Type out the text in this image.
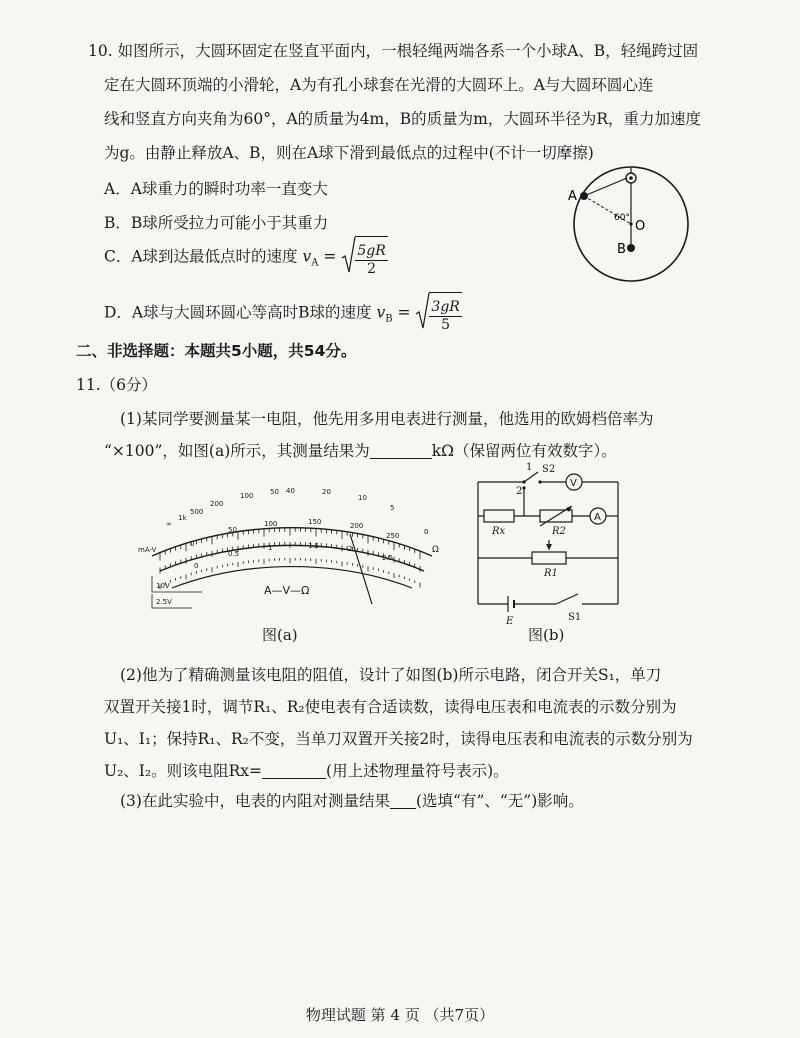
10. 如图所示，大圆环固定在竖直平面内，一根轻绳两端各系一个小球A、B，轻绳跨过固
定在大圆环顶端的小滑轮，A为有孔小球套在光滑的大圆环上。A与大圆环圆心连
线和竖直方向夹角为60°，A的质量为4m，B的质量为m，大圆环半径为R，重力加速度
为g。由静止释放A、B，则在A球下滑到最低点的过程中(不计一切摩擦)
A．A球重力的瞬时功率一直变大
B．B球所受拉力可能小于其重力
C．A球到达最低点时的速度 $v_A = \frac{5gR}{2}$
D．A球与大圆环圆心等高时B球的速度 $v_B = \frac{3gR}{5}$
A
B
O
60°
二、非选择题：本题共5小题，共54分。
11.（6分）
(1)某同学要测量某一电阻，他先用多用电表进行测量，他选用的欧姆档倍率为
“×100”，如图(a)所示，其测量结果为	kΩ（保留两位有效数字）。
∞
1k
500
200
100 50 40	20
10
5
0
Ω
0
50
100	150	200
250
0
0.5
1	1.5	2
2.5
mA-V
10V
2.5V
A—V—Ω
1
2
S2
V
A
Rx	R2
R1
E	S1
图(a)	图(b)
(2)他为了精确测量该电阻的阻值，设计了如图(b)所示电路，闭合开关S₁，单刀
双置开关接1时，调节R₁、R₂使电表有合适读数，读得电压表和电流表的示数分别为
U₁、I₁；保持R₁、R₂不变，当单刀双置开关接2时，读得电压表和电流表的示数分别为
U₂、I₂。则该电阻Rx=	(用上述物理量符号表示)。
(3)在此实验中，电表的内阻对测量结果 (选填“有”、“无”)影响。
物理试题 第 4 页 （共7页）
